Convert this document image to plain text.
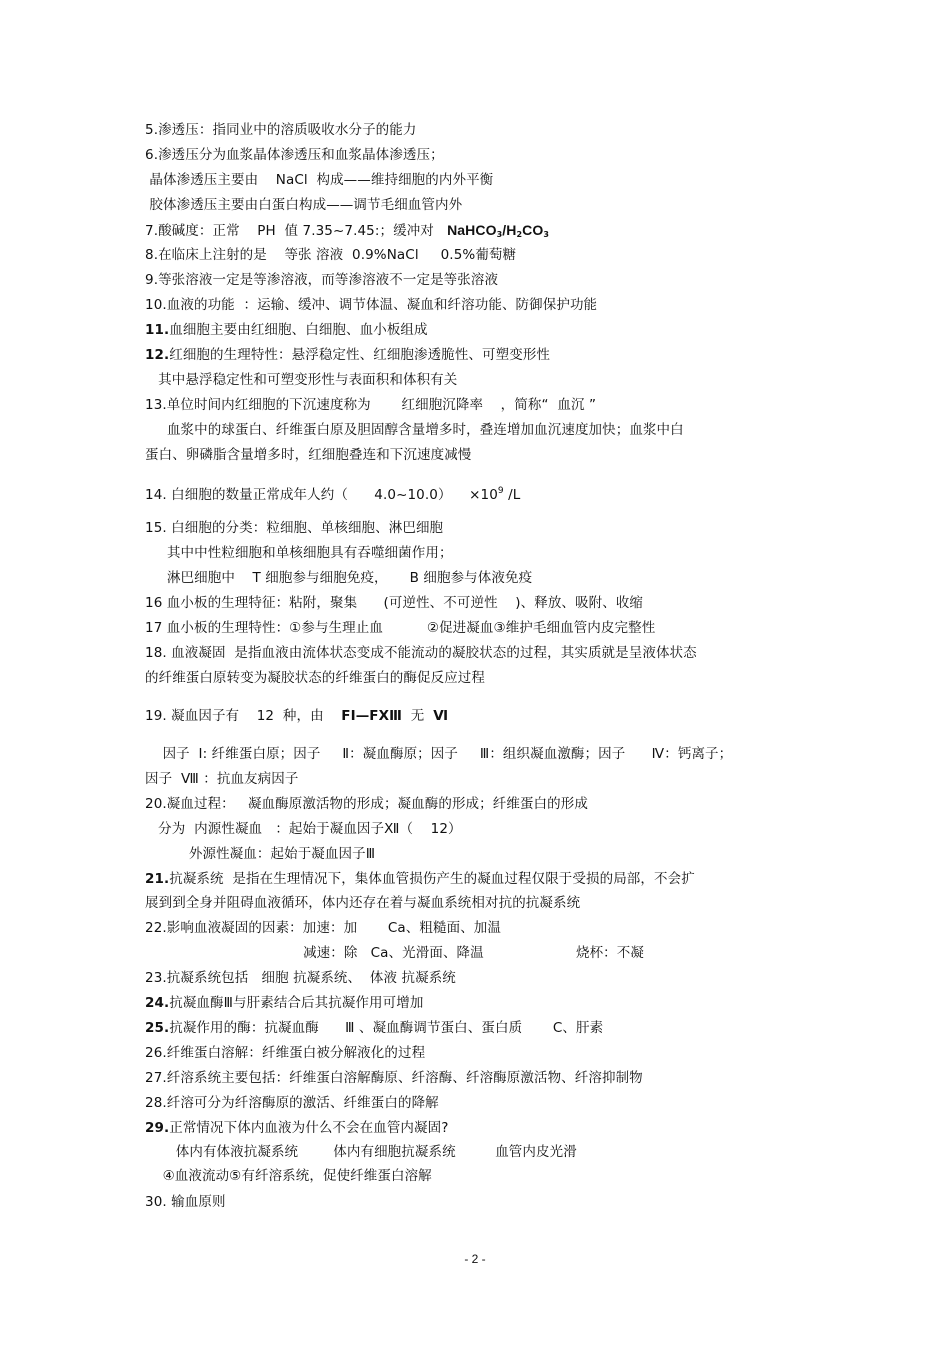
5.渗透压：指同业中的溶质吸收水分子的能力
6.渗透压分为血浆晶体渗透压和血浆晶体渗透压；
晶体渗透压主要由    NaCl  构成——维持细胞的内外平衡
胶体渗透压主要由白蛋白构成——调节毛细血管内外
7.酸碱度：正常    PH  值 7.35~7.45:；缓冲对   $NaHCO_3/H_2CO_3$
8.在临床上注射的是    等张 溶液  0.9%NaCl     0.5%葡萄糖
9.等张溶液一定是等渗溶液，而等渗溶液不一定是等张溶液
10.血液的功能  ：运输、缓冲、调节体温、凝血和纤溶功能、防御保护功能
11.血细胞主要由红细胞、白细胞、血小板组成
12.红细胞的生理特性：悬浮稳定性、红细胞渗透脆性、可塑变形性
其中悬浮稳定性和可塑变形性与表面积和体积有关
13.单位时间内红细胞的下沉速度称为       红细胞沉降率    ，简称“  血沉 ”
血浆中的球蛋白、纤维蛋白原及胆固醇含量增多时，叠连增加血沉速度加快；血浆中白
蛋白、卵磷脂含量增多时，红细胞叠连和下沉速度减慢
14. 白细胞的数量正常成年人约（      4.0~10.0）    $\times 10^9$ /L
15. 白细胞的分类：粒细胞、单核细胞、淋巴细胞
其中中性粒细胞和单核细胞具有吞噬细菌作用；
淋巴细胞中    T 细胞参与细胞免疫，     B 细胞参与体液免疫
16 血小板的生理特征：粘附，聚集      (可逆性、不可逆性    )、释放、吸附、收缩
17 血小板的生理特性：①参与生理止血          ②促进凝血③维护毛细血管内皮完整性
18. 血液凝固  是指血液由流体状态变成不能流动的凝胶状态的过程，其实质就是呈液体状态
的纤维蛋白原转变为凝胶状态的纤维蛋白的酶促反应过程
19. 凝血因子有    12  种，由    FⅠ—FⅩⅢ  无  Ⅵ
因子  Ⅰ: 纤维蛋白原；因子     Ⅱ：凝血酶原；因子     Ⅲ：组织凝血激酶；因子      Ⅳ：钙离子；
因子  Ⅷ ：抗血友病因子
20.凝血过程：   凝血酶原激活物的形成；凝血酶的形成；纤维蛋白的形成
分为  内源性凝血   ：起始于凝血因子Ⅻ（    12）
外源性凝血：起始于凝血因子Ⅲ
21.抗凝系统  是指在生理情况下，集体血管损伤产生的凝血过程仅限于受损的局部，不会扩
展到到全身并阻碍血液循环，体内还存在着与凝血系统相对抗的抗凝系统
22.影响血液凝固的因素：加速：加       Ca、粗糙面、加温
减速：除   Ca、光滑面、降温                     烧杯：不凝
23.抗凝系统包括   细胞 抗凝系统、  体液 抗凝系统
24.抗凝血酶Ⅲ与肝素结合后其抗凝作用可增加
25.抗凝作用的酶：抗凝血酶      Ⅲ 、凝血酶调节蛋白、蛋白质       C、肝素
26.纤维蛋白溶解：纤维蛋白被分解液化的过程
27.纤溶系统主要包括：纤维蛋白溶解酶原、纤溶酶、纤溶酶原激活物、纤溶抑制物
28.纤溶可分为纤溶酶原的激活、纤维蛋白的降解
29.正常情况下体内血液为什么不会在血管内凝固?
体内有体液抗凝系统        体内有细胞抗凝系统         血管内皮光滑
④血液流动⑤有纤溶系统，促使纤维蛋白溶解
30. 输血原则
- 2 -
